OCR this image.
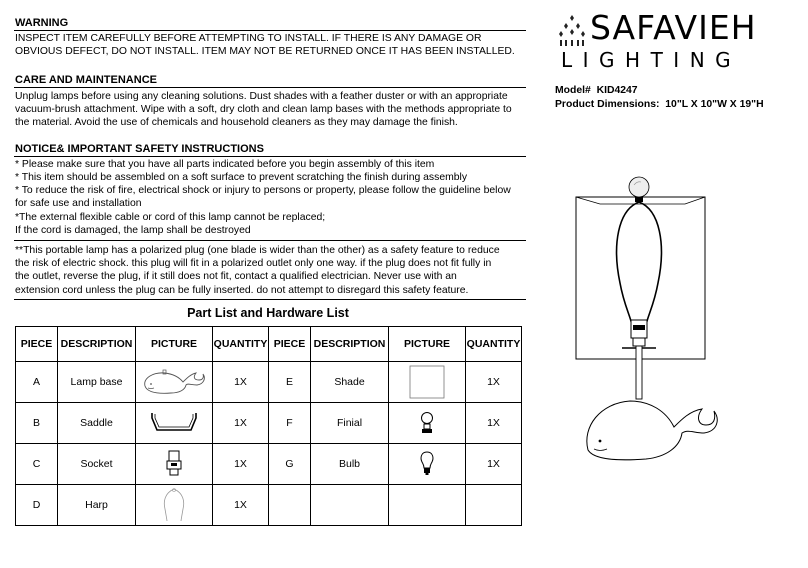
WARNING
INSPECT ITEM CAREFULLY BEFORE ATTEMPTING TO INSTALL. IF THERE IS ANY DAMAGE OR
OBVIOUS DEFECT, DO NOT INSTALL. ITEM MAY NOT BE RETURNED ONCE IT HAS BEEN INSTALLED.
CARE AND MAINTENANCE
Unplug lamps before using any cleaning solutions. Dust shades with a feather duster or with an appropriate
vacuum-brush attachment. Wipe with a soft, dry cloth and clean lamp bases with the methods appropriate to
the material. Avoid the use of chemicals and household cleaners as they may damage the finish.
NOTICE& IMPORTANT SAFETY INSTRUCTIONS
* Please make sure that you have all parts indicated before you begin assembly of this item
* This item should be assembled on a soft surface to prevent scratching the finish during assembly
* To reduce the risk of fire, electrical shock or injury to persons or property, please follow the guideline below
for safe use and installation
*The external flexible cable or cord of this lamp cannot be replaced;
If the cord is damaged, the lamp shall be destroyed
**This portable lamp has a polarized plug (one blade is wider than the other) as a safety feature to reduce
the risk of electric shock. this plug will fit in a polarized outlet only one way. if the plug does not fit fully in
the outlet, reverse the plug, if it still does not fit, contact a qualified electrician. Never use with an
extension cord unless the plug can be fully inserted. do not attempt to disregard this safety feature.
Part List and Hardware List
PIECE	DESCRIPTION	PICTURE	QUANTITY	PIECE	DESCRIPTION	PICTURE	QUANTITY
A	Lamp base		1X	E	Shade		1X
B	Saddle		1X	F	Finial		1X
C	Socket		1X	G	Bulb		1X
D	Harp		1X				
SAFAVIEH
LIGHTING
Model# KID4247
Product Dimensions: 10"L X 10"W X 19"H
